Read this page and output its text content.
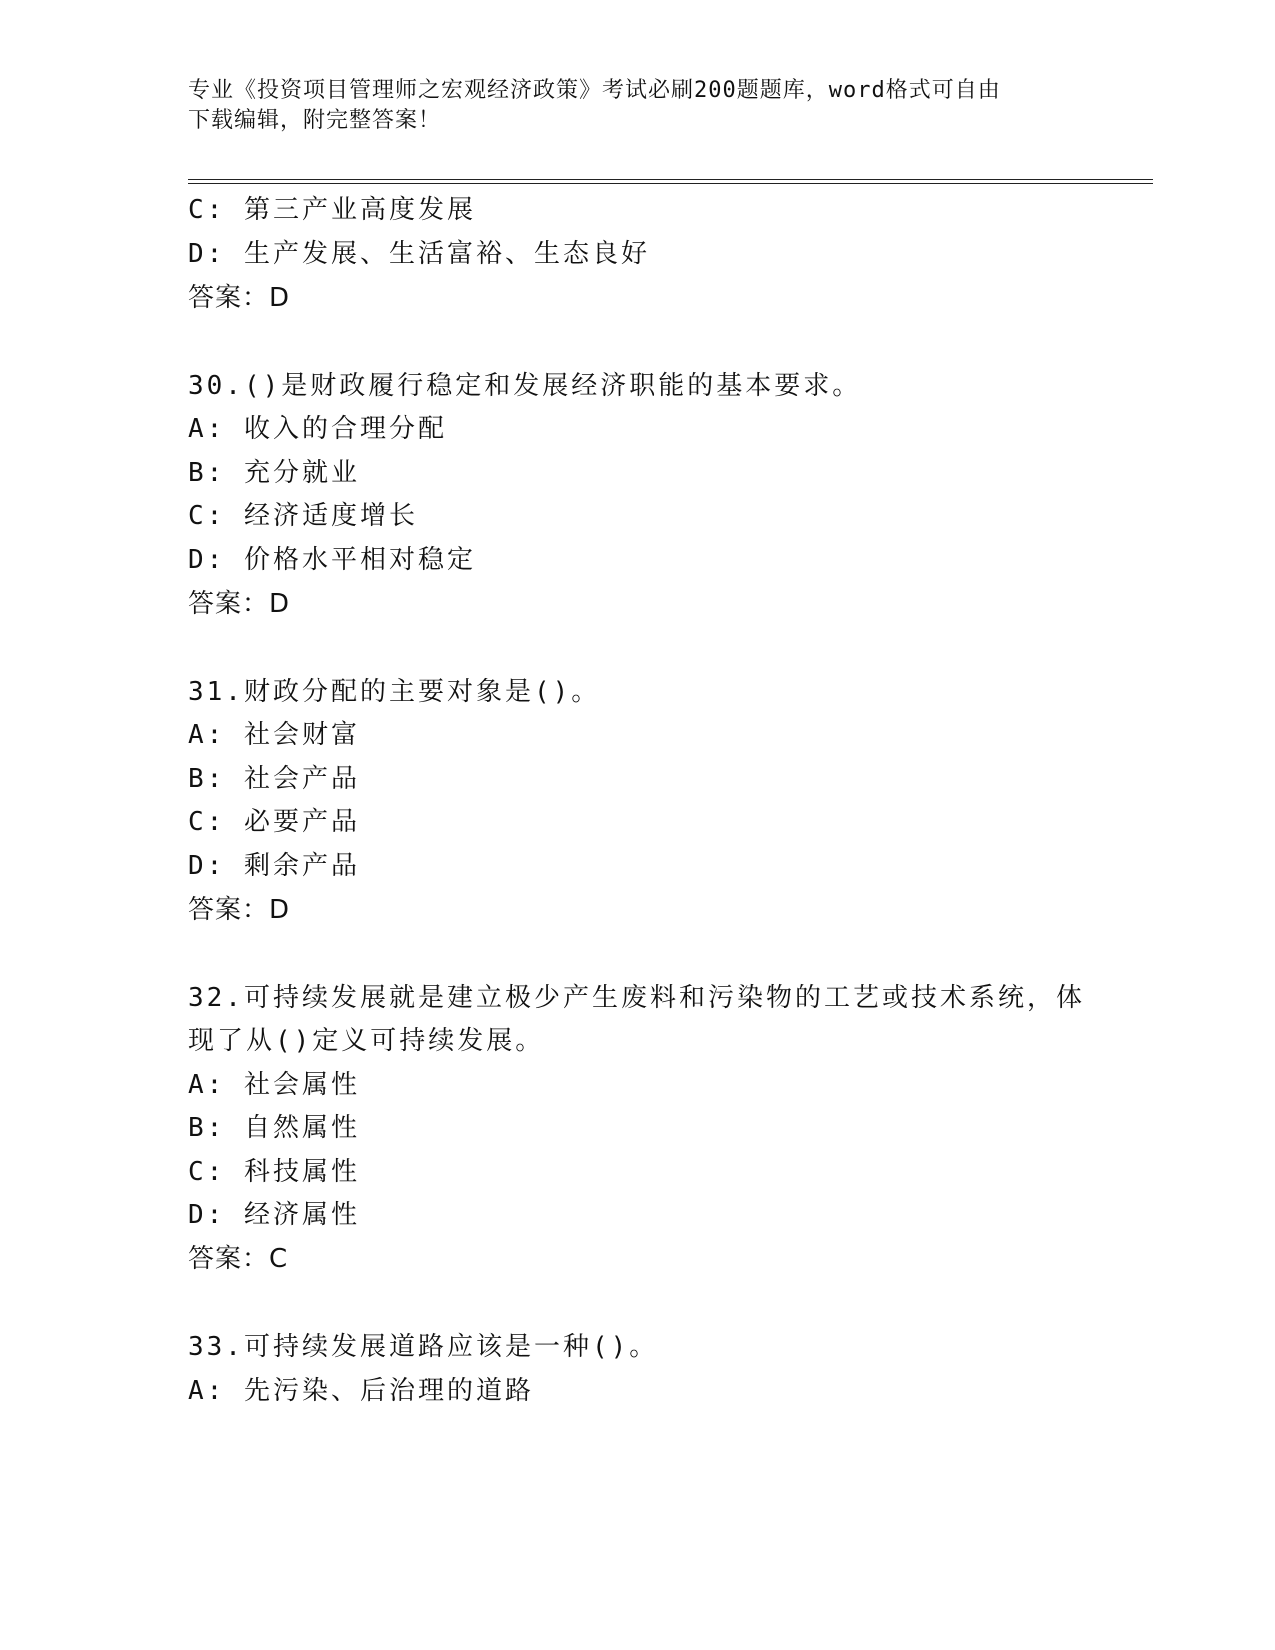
专业《投资项目管理师之宏观经济政策》考试必刷200题题库，word格式可自由
下载编辑，附完整答案！
C: 第三产业高度发展
D: 生产发展、生活富裕、生态良好
答案：D
30.()是财政履行稳定和发展经济职能的基本要求。
A: 收入的合理分配
B: 充分就业
C: 经济适度增长
D: 价格水平相对稳定
答案：D
31.财政分配的主要对象是()。
A: 社会财富
B: 社会产品
C: 必要产品
D: 剩余产品
答案：D
32.可持续发展就是建立极少产生废料和污染物的工艺或技术系统，体
现了从()定义可持续发展。
A: 社会属性
B: 自然属性
C: 科技属性
D: 经济属性
答案：C
33.可持续发展道路应该是一种()。
A: 先污染、后治理的道路
